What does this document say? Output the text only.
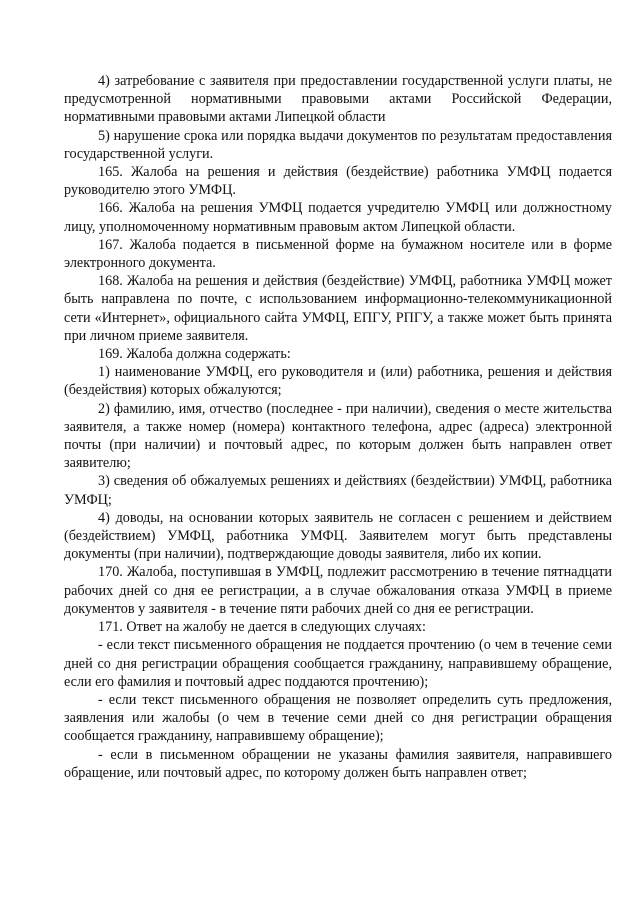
4) затребование с заявителя при предоставлении государственной услуги платы, не предусмотренной нормативными правовыми актами Российской Федерации, нормативными правовыми актами Липецкой области

5) нарушение срока или порядка выдачи документов по результатам предоставления государственной услуги.

165. Жалоба на решения и действия (бездействие) работника УМФЦ подается руководителю этого УМФЦ.

166. Жалоба на решения УМФЦ подается учредителю УМФЦ или должностному лицу, уполномоченному нормативным правовым актом Липецкой области.

167. Жалоба подается в письменной форме на бумажном носителе или в форме электронного документа.

168. Жалоба на решения и действия (бездействие) УМФЦ, работника УМФЦ может быть направлена по почте, с использованием информационно-телекоммуникационной сети «Интернет», официального сайта УМФЦ, ЕПГУ, РПГУ, а также может быть принята при личном приеме заявителя.

169. Жалоба должна содержать:

1) наименование УМФЦ, его руководителя и (или) работника, решения и действия (бездействия) которых обжалуются;

2) фамилию, имя, отчество (последнее - при наличии), сведения о месте жительства заявителя, а также номер (номера) контактного телефона, адрес (адреса) электронной почты (при наличии) и почтовый адрес, по которым должен быть направлен ответ заявителю;

3) сведения об обжалуемых решениях и действиях (бездействии) УМФЦ, работника УМФЦ;

4) доводы, на основании которых заявитель не согласен с решением и действием (бездействием) УМФЦ, работника УМФЦ. Заявителем могут быть представлены документы (при наличии), подтверждающие доводы заявителя, либо их копии.

170. Жалоба, поступившая в УМФЦ, подлежит рассмотрению в течение пятнадцати рабочих дней со дня ее регистрации, а в случае обжалования отказа УМФЦ в приеме документов у заявителя - в течение пяти рабочих дней со дня ее регистрации.

171. Ответ на жалобу не дается в следующих случаях:

- если текст письменного обращения не поддается прочтению (о чем в течение семи дней со дня регистрации обращения сообщается гражданину, направившему обращение, если его фамилия и почтовый адрес поддаются прочтению);

- если текст письменного обращения не позволяет определить суть предложения, заявления или жалобы (о чем в течение семи дней со дня регистрации обращения сообщается гражданину, направившему обращение);

- если в письменном обращении не указаны фамилия заявителя, направившего обращение, или почтовый адрес, по которому должен быть направлен ответ;
